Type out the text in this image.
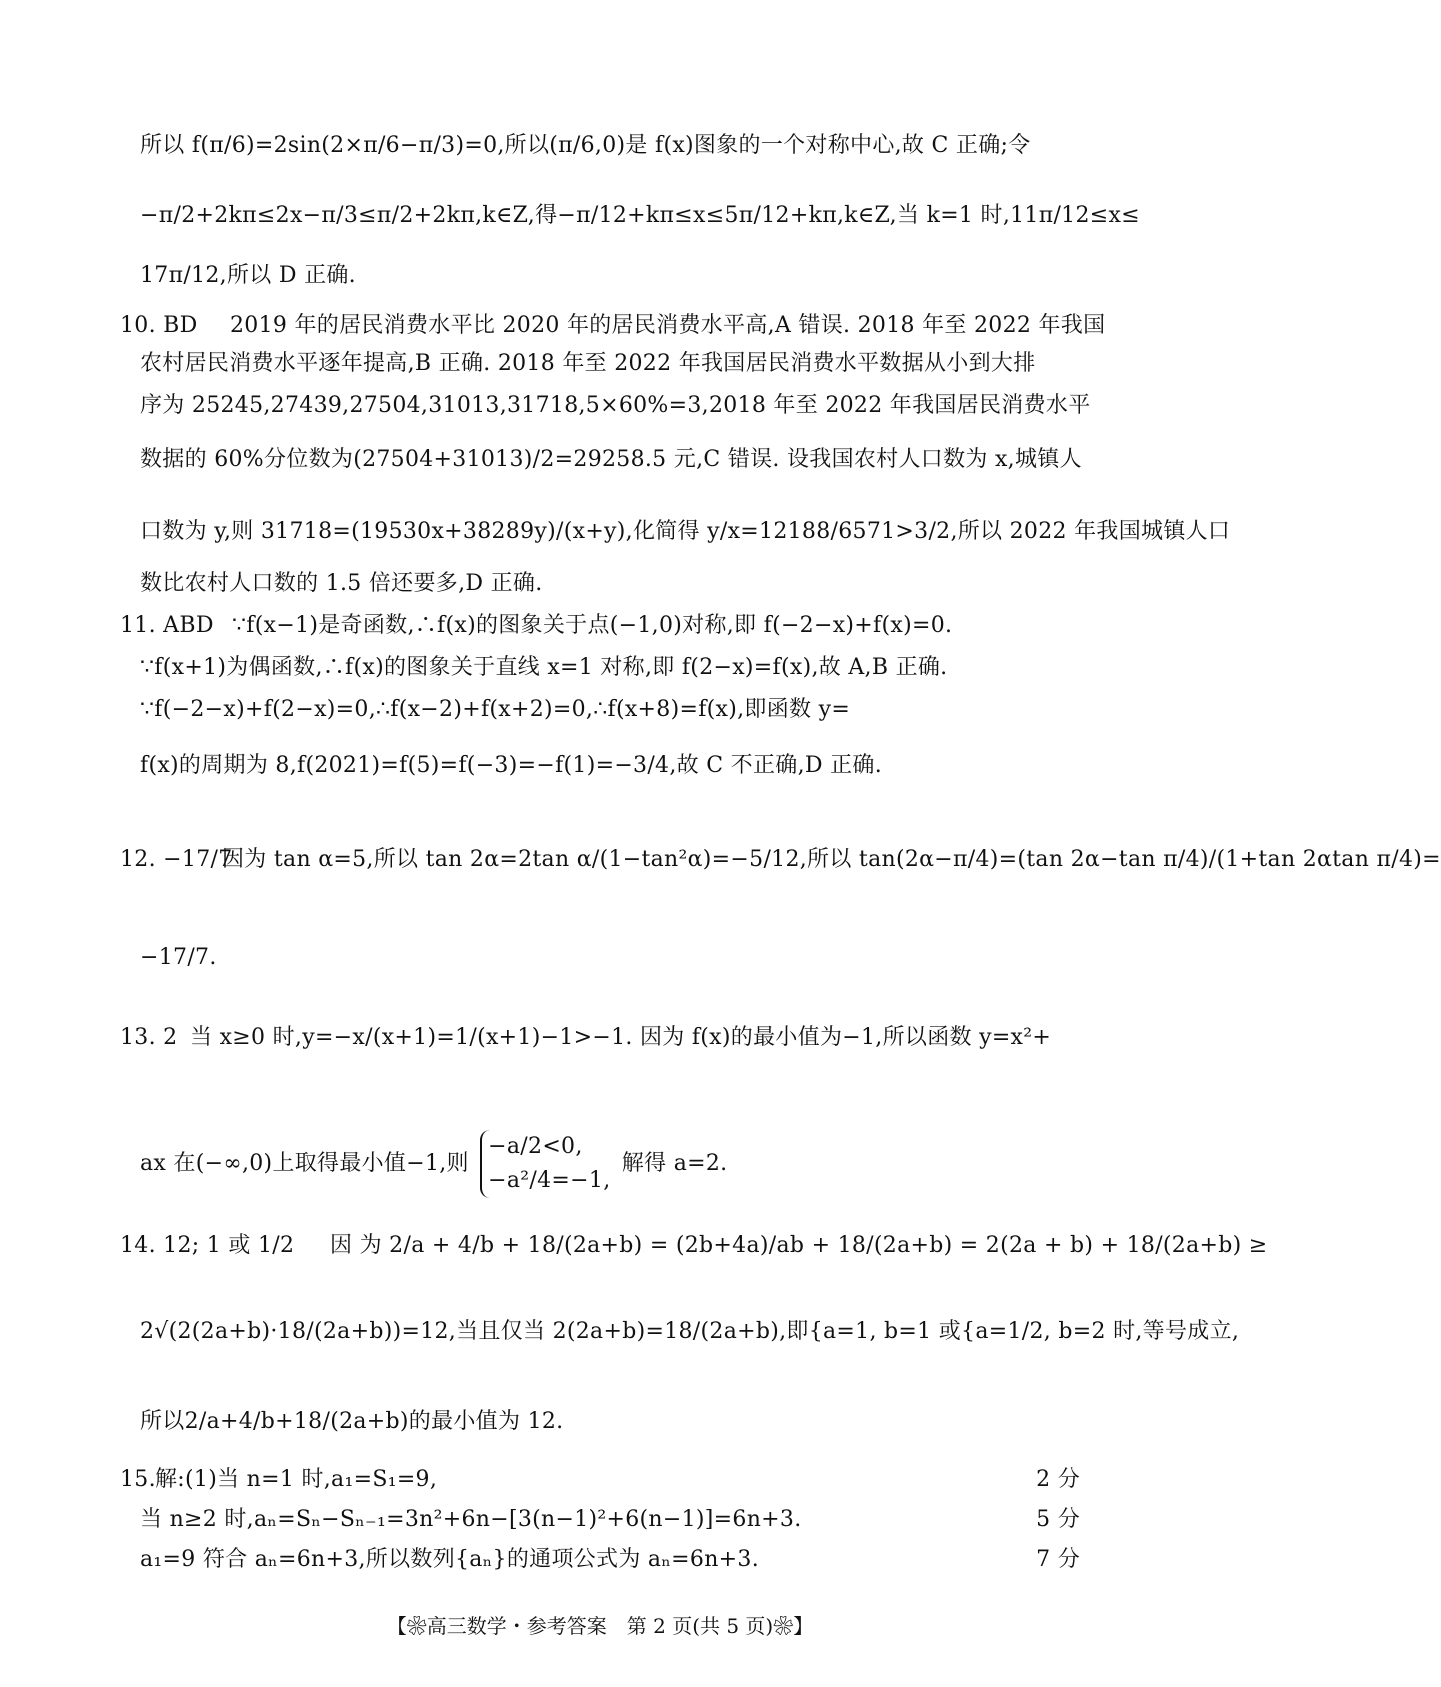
所以 f(π/6)=2sin(2×π/6−π/3)=0,所以(π/6,0)是 f(x)图象的一个对称中心,故 C 正确;令
−π/2+2kπ≤2x−π/3≤π/2+2kπ,k∈Z,得−π/12+kπ≤x≤5π/12+kπ,k∈Z,当 k=1 时,11π/12≤x≤
17π/12,所以 D 正确.
10. BD 2019 年的居民消费水平比 2020 年的居民消费水平高,A 错误. 2018 年至 2022 年我国
农村居民消费水平逐年提高,B 正确. 2018 年至 2022 年我国居民消费水平数据从小到大排
序为 25245,27439,27504,31013,31718,5×60%=3,2018 年至 2022 年我国居民消费水平
数据的 60%分位数为(27504+31013)/2=29258.5 元,C 错误. 设我国农村人口数为 x,城镇人
口数为 y,则 31718=(19530x+38289y)/(x+y),化简得 y/x=12188/6571>3/2,所以 2022 年我国城镇人口
数比农村人口数的 1.5 倍还要多,D 正确.
11. ABD ∵f(x−1)是奇函数,∴f(x)的图象关于点(−1,0)对称,即 f(−2−x)+f(x)=0.
∵f(x+1)为偶函数,∴f(x)的图象关于直线 x=1 对称,即 f(2−x)=f(x),故 A,B 正确.
∵f(−2−x)+f(2−x)=0,∴f(x−2)+f(x+2)=0,∴f(x+8)=f(x),即函数 y=
f(x)的周期为 8,f(2021)=f(5)=f(−3)=−f(1)=−3/4,故 C 不正确,D 正确.
12. −17/7
因为 tan α=5,所以 tan 2α=2tan α/(1−tan²α)=−5/12,所以 tan(2α−π/4)=(tan 2α−tan π/4)/(1+tan 2αtan π/4)=
−17/7.
13. 2 当 x≥0 时,y=−x/(x+1)=1/(x+1)−1>−1. 因为 f(x)的最小值为−1,所以函数 y=x²+
ax 在(−∞,0)上取得最小值−1,则
−a/2<0,
−a²/4=−1,
解得 a=2.
14. 12; 1 或 1/2 因 为 2/a + 4/b + 18/(2a+b) = (2b+4a)/ab + 18/(2a+b) = 2(2a + b) + 18/(2a+b) ≥
2√(2(2a+b)·18/(2a+b))=12,当且仅当 2(2a+b)=18/(2a+b),即{a=1, b=1 或{a=1/2, b=2 时,等号成立,
所以2/a+4/b+18/(2a+b)的最小值为 12.
15. 解:(1)当 n=1 时,a₁=S₁=9,	2 分
当 n≥2 时,aₙ=Sₙ−Sₙ₋₁=3n²+6n−[3(n−1)²+6(n−1)]=6n+3.	5 分
a₁=9 符合 aₙ=6n+3,所以数列{aₙ}的通项公式为 aₙ=6n+3.	7 分
【❀高三数学・参考答案　第 2 页(共 5 页)❀】
